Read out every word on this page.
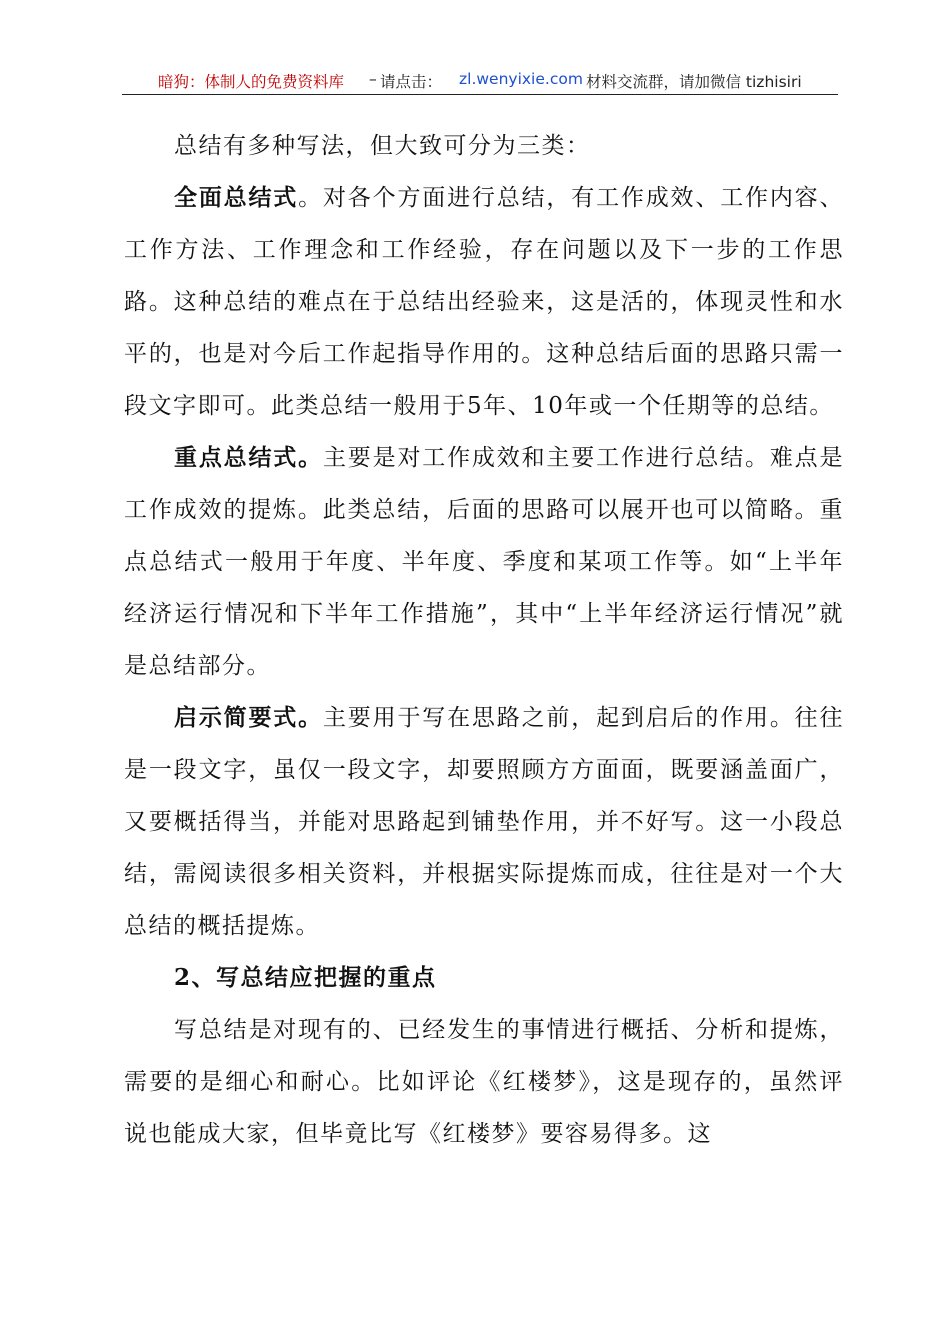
暗狗：体制人的免费资料库 – 请点击： zl.wenyixie.com 材料交流群，请加微信 tizhisiri

总结有多种写法，但大致可分为三类：

全面总结式。对各个方面进行总结，有工作成效、工作内容、工作方法、工作理念和工作经验，存在问题以及下一步的工作思路。这种总结的难点在于总结出经验来，这是活的，体现灵性和水平的，也是对今后工作起指导作用的。这种总结后面的思路只需一段文字即可。此类总结一般用于5年、10年或一个任期等的总结。

重点总结式。主要是对工作成效和主要工作进行总结。难点是工作成效的提炼。此类总结，后面的思路可以展开也可以简略。重点总结式一般用于年度、半年度、季度和某项工作等。如“上半年经济运行情况和下半年工作措施”，其中“上半年经济运行情况”就是总结部分。

启示简要式。主要用于写在思路之前，起到启后的作用。往往是一段文字，虽仅一段文字，却要照顾方方面面，既要涵盖面广，又要概括得当，并能对思路起到铺垫作用，并不好写。这一小段总结，需阅读很多相关资料，并根据实际提炼而成，往往是对一个大总结的概括提炼。

2、写总结应把握的重点

写总结是对现有的、已经发生的事情进行概括、分析和提炼，需要的是细心和耐心。比如评论《红楼梦》，这是现存的，虽然评说也能成大家，但毕竟比写《红楼梦》要容易得多。这
